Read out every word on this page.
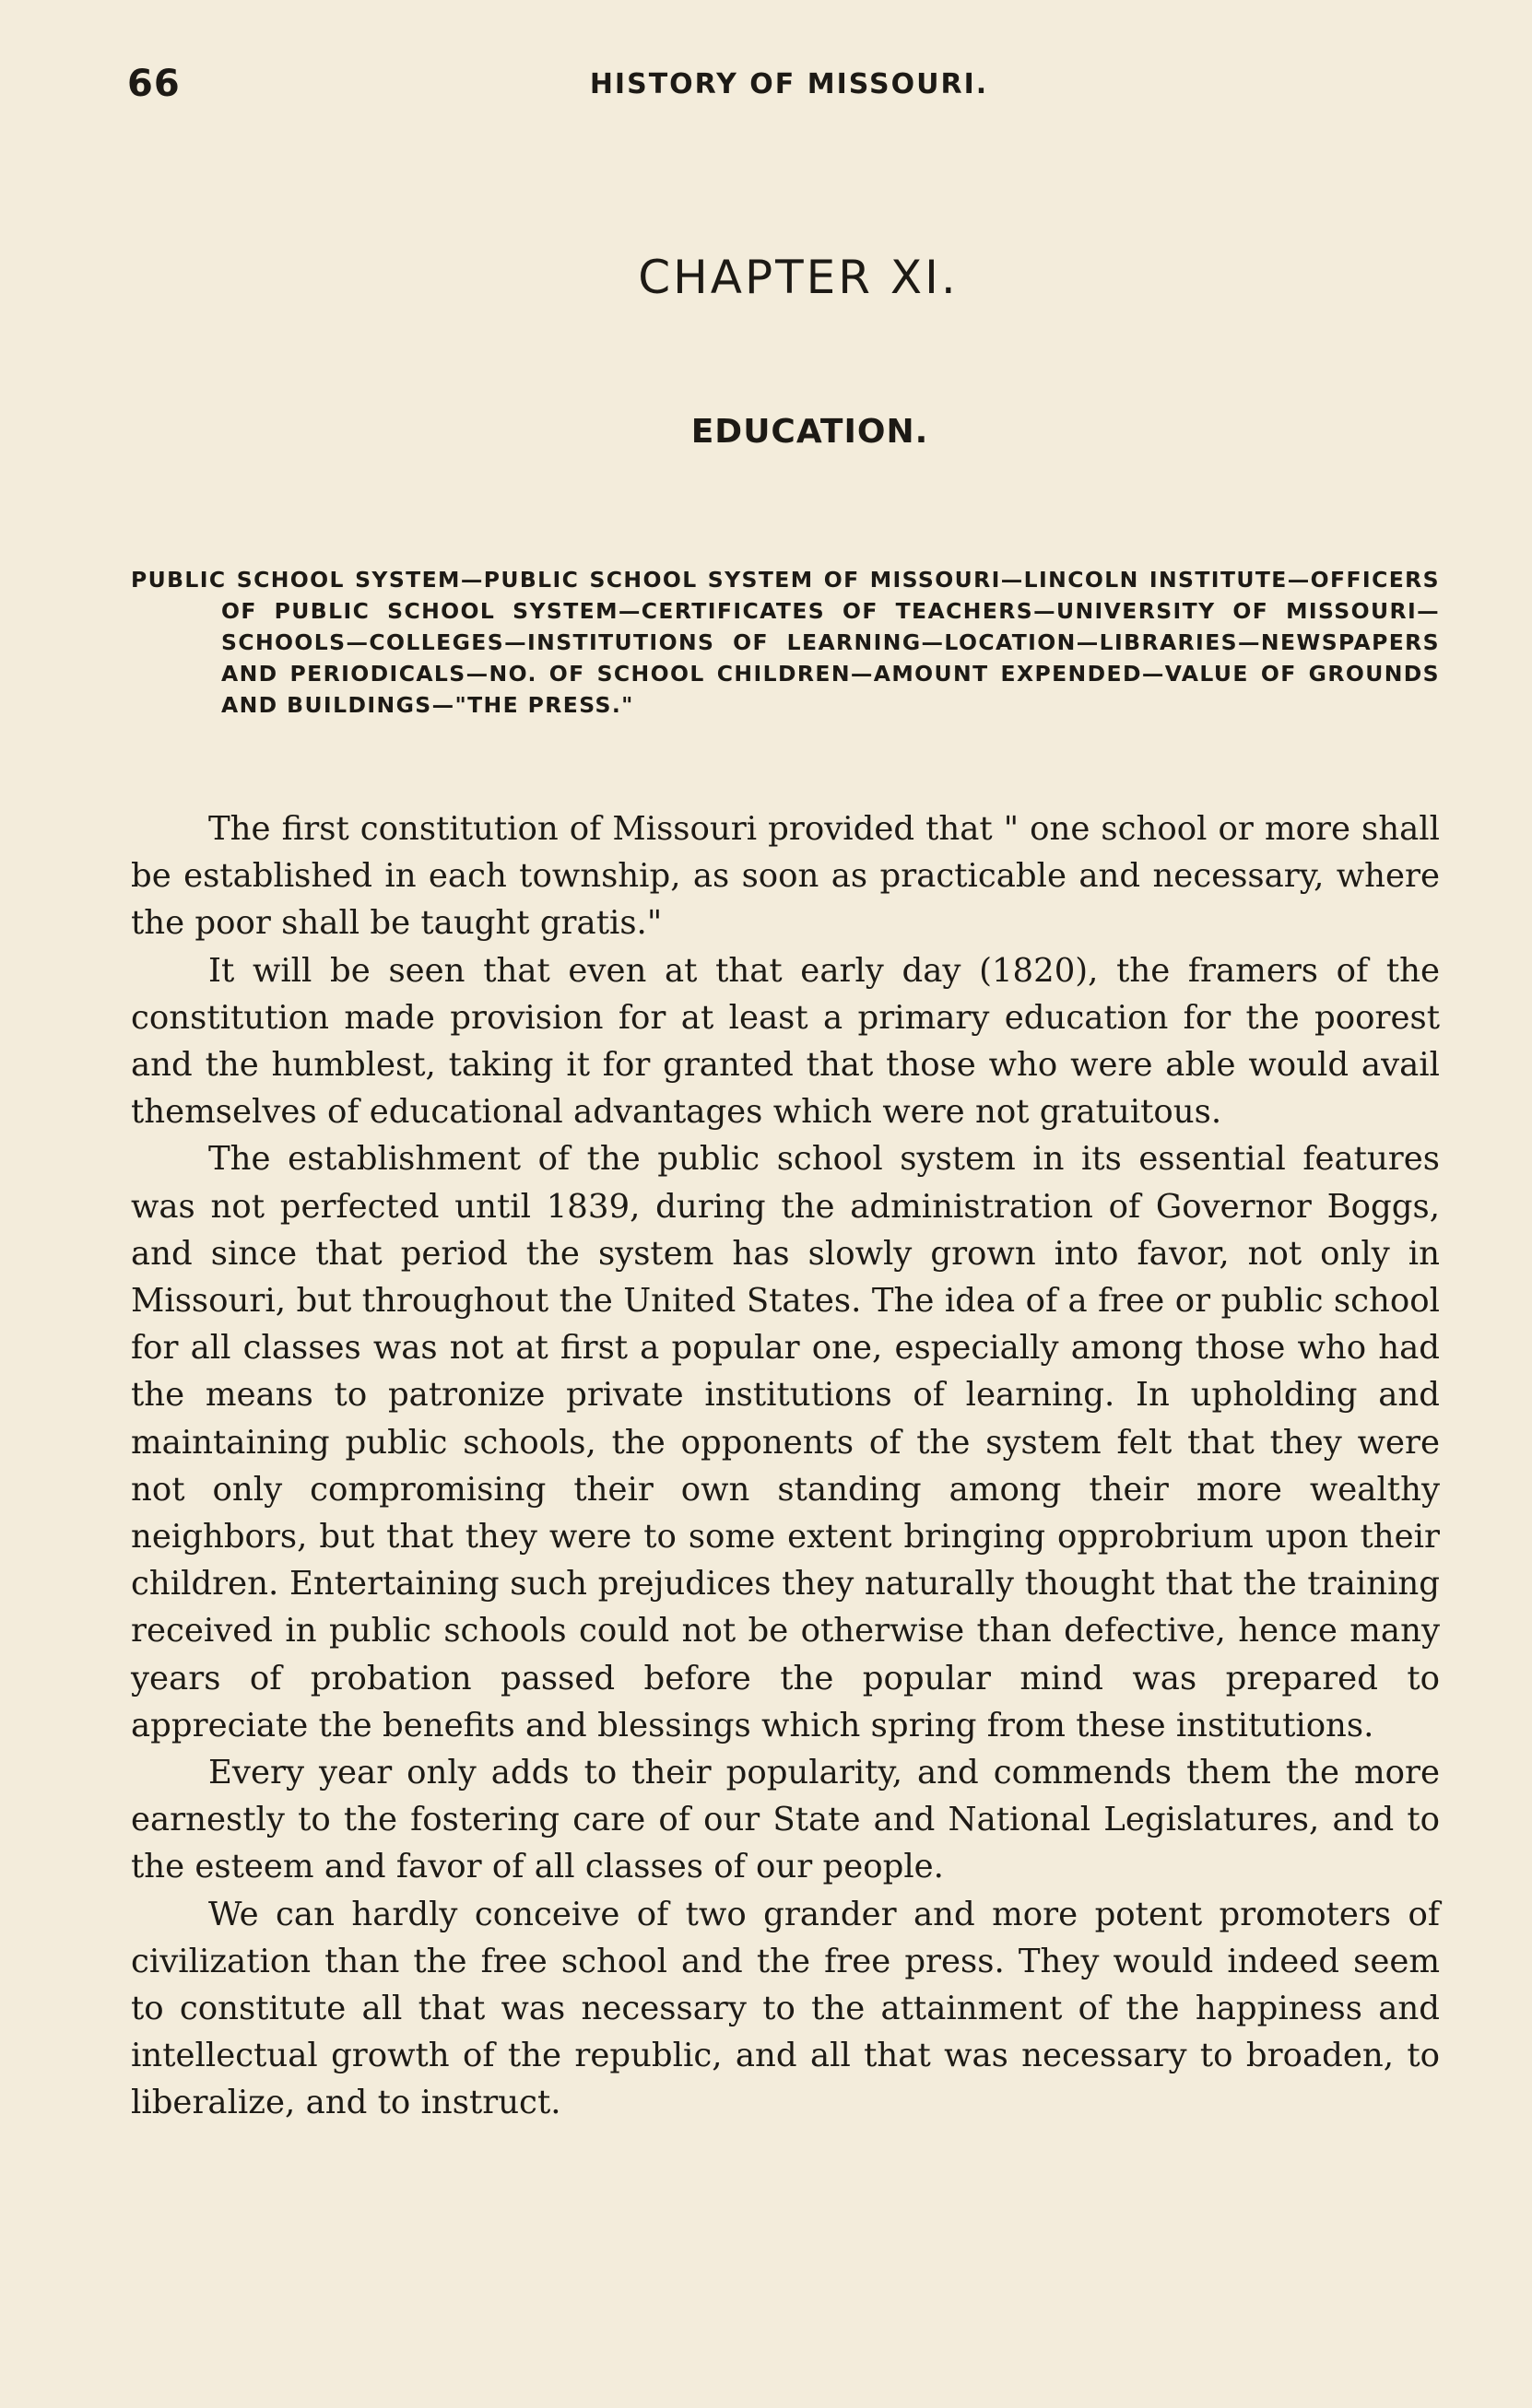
66	HISTORY OF MISSOURI.
CHAPTER XI.
EDUCATION.
PUBLIC SCHOOL SYSTEM—PUBLIC SCHOOL SYSTEM OF MISSOURI—LINCOLN INSTITUTE—OFFICERS OF PUBLIC SCHOOL SYSTEM—CERTIFICATES OF TEACHERS—UNIVERSITY OF MISSOURI—SCHOOLS—COLLEGES—INSTITUTIONS OF LEARNING—LOCATION—LIBRARIES—NEWSPAPERS AND PERIODICALS—NO. OF SCHOOL CHILDREN—AMOUNT EXPENDED—VALUE OF GROUNDS AND BUILDINGS—"THE PRESS."

The first constitution of Missouri provided that " one school or more shall be established in each township, as soon as practicable and necessary, where the poor shall be taught gratis."

It will be seen that even at that early day (1820), the framers of the constitution made provision for at least a primary education for the poorest and the humblest, taking it for granted that those who were able would avail themselves of educational advantages which were not gratuitous.

The establishment of the public school system in its essential features was not perfected until 1839, during the administration of Governor Boggs, and since that period the system has slowly grown into favor, not only in Missouri, but throughout the United States. The idea of a free or public school for all classes was not at first a popular one, especially among those who had the means to patronize private institutions of learning. In upholding and maintaining public schools, the opponents of the system felt that they were not only compromising their own standing among their more wealthy neighbors, but that they were to some extent bringing opprobrium upon their children. Entertaining such prejudices they naturally thought that the training received in public schools could not be otherwise than defective, hence many years of probation passed before the popular mind was prepared to appreciate the benefits and blessings which spring from these institutions.

Every year only adds to their popularity, and commends them the more earnestly to the fostering care of our State and National Legislatures, and to the esteem and favor of all classes of our people.

We can hardly conceive of two grander and more potent promoters of civilization than the free school and the free press. They would indeed seem to constitute all that was necessary to the attainment of the happiness and intellectual growth of the republic, and all that was necessary to broaden, to liberalize, and to instruct.
